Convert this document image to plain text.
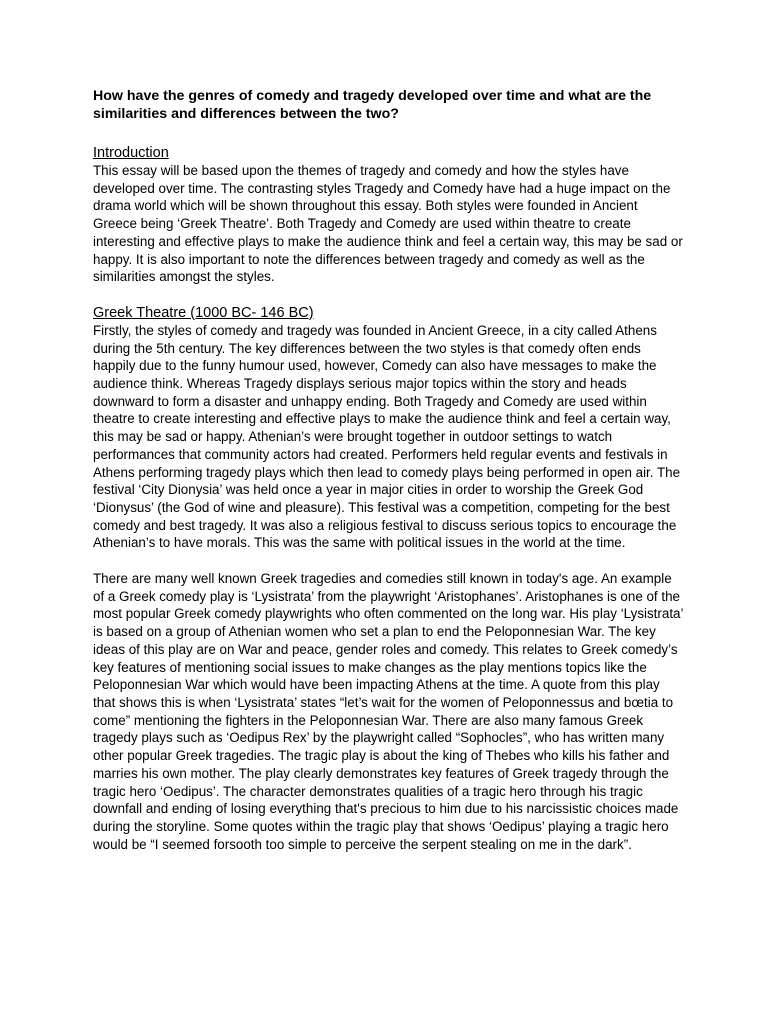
How have the genres of comedy and tragedy developed over time and what are the similarities and differences between the two?

Introduction

This essay will be based upon the themes of tragedy and comedy and how the styles have developed over time. The contrasting styles Tragedy and Comedy have had a huge impact on the drama world which will be shown throughout this essay. Both styles were founded in Ancient Greece being ‘Greek Theatre’. Both Tragedy and Comedy are used within theatre to create interesting and effective plays to make the audience think and feel a certain way, this may be sad or happy. It is also important to note the differences between tragedy and comedy as well as the similarities amongst the styles.

Greek Theatre (1000 BC- 146 BC)

Firstly, the styles of comedy and tragedy was founded in Ancient Greece, in a city called Athens during the 5th century. The key differences between the two styles is that comedy often ends happily due to the funny humour used, however, Comedy can also have messages to make the audience think. Whereas Tragedy displays serious major topics within the story and heads downward to form a disaster and unhappy ending. Both Tragedy and Comedy are used within theatre to create interesting and effective plays to make the audience think and feel a certain way, this may be sad or happy. Athenian’s were brought together in outdoor settings to watch performances that community actors had created. Performers held regular events and festivals in Athens performing tragedy plays which then lead to comedy plays being performed in open air. The festival ‘City Dionysia’ was held once a year in major cities in order to worship the Greek God ‘Dionysus’ (the God of wine and pleasure). This festival was a competition, competing for the best comedy and best tragedy. It was also a religious festival to discuss serious topics to encourage the Athenian’s to have morals. This was the same with political issues in the world at the time.

There are many well known Greek tragedies and comedies still known in today's age. An example of a Greek comedy play is ‘Lysistrata’ from the playwright ‘Aristophanes’. Aristophanes is one of the most popular Greek comedy playwrights who often commented on the long war. His play ‘Lysistrata’ is based on a group of Athenian women who set a plan to end the Peloponnesian War. The key ideas of this play are on War and peace, gender roles and comedy. This relates to Greek comedy’s key features of mentioning social issues to make changes as the play mentions topics like the Peloponnesian War which would have been impacting Athens at the time. A quote from this play that shows this is when ‘Lysistrata’ states “let’s wait for the women of Peloponnessus and bœtia to come” mentioning the fighters in the Peloponnesian War. There are also many famous Greek tragedy plays such as ‘Oedipus Rex’ by the playwright called “Sophocles”, who has written many other popular Greek tragedies. The tragic play is about the king of Thebes who kills his father and marries his own mother. The play clearly demonstrates key features of Greek tragedy through the tragic hero ‘Oedipus’. The character demonstrates qualities of a tragic hero through his tragic downfall and ending of losing everything that's precious to him due to his narcissistic choices made during the storyline. Some quotes within the tragic play that shows ‘Oedipus’ playing a tragic hero would be “I seemed forsooth too simple to perceive the serpent stealing on me in the dark”.
